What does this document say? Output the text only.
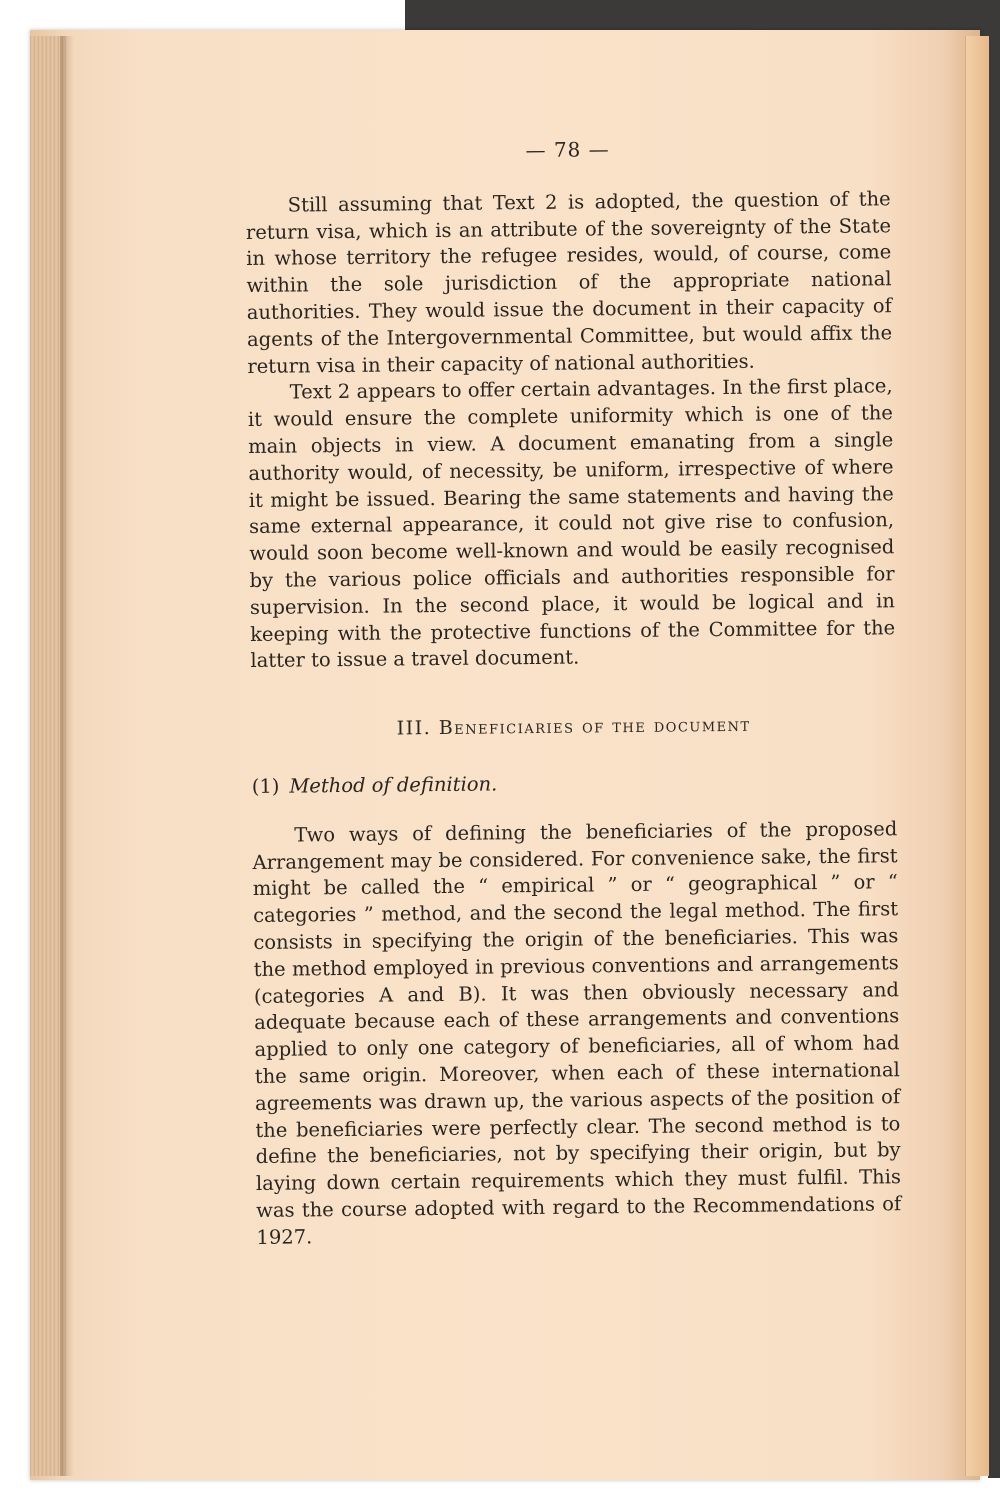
— 78 —

Still assuming that Text 2 is adopted, the question of the return visa, which is an attribute of the sovereignty of the State in whose territory the refugee resides, would, of course, come within the sole jurisdiction of the appropriate national authorities. They would issue the document in their capacity of agents of the Intergovernmental Committee, but would affix the return visa in their capacity of national authorities.

Text 2 appears to offer certain advantages. In the first place, it would ensure the complete uniformity which is one of the main objects in view. A document emanating from a single authority would, of necessity, be uniform, irrespective of where it might be issued. Bearing the same statements and having the same external appearance, it could not give rise to confusion, would soon become well-known and would be easily recognised by the various police officials and authorities responsible for supervision. In the second place, it would be logical and in keeping with the protective functions of the Committee for the latter to issue a travel document.

III. Beneficiaries of the document
(1) Method of definition.

Two ways of defining the beneficiaries of the proposed Arrangement may be considered. For convenience sake, the first might be called the “ empirical ” or “ geographical ” or “ categories ” method, and the second the legal method. The first consists in specifying the origin of the beneficiaries. This was the method employed in previous conventions and arrangements (categories A and B). It was then obviously necessary and adequate because each of these arrangements and conventions applied to only one category of beneficiaries, all of whom had the same origin. Moreover, when each of these international agreements was drawn up, the various aspects of the position of the beneficiaries were perfectly clear. The second method is to define the beneficiaries, not by specifying their origin, but by laying down certain requirements which they must fulfil. This was the course adopted with regard to the Recommendations of 1927.
